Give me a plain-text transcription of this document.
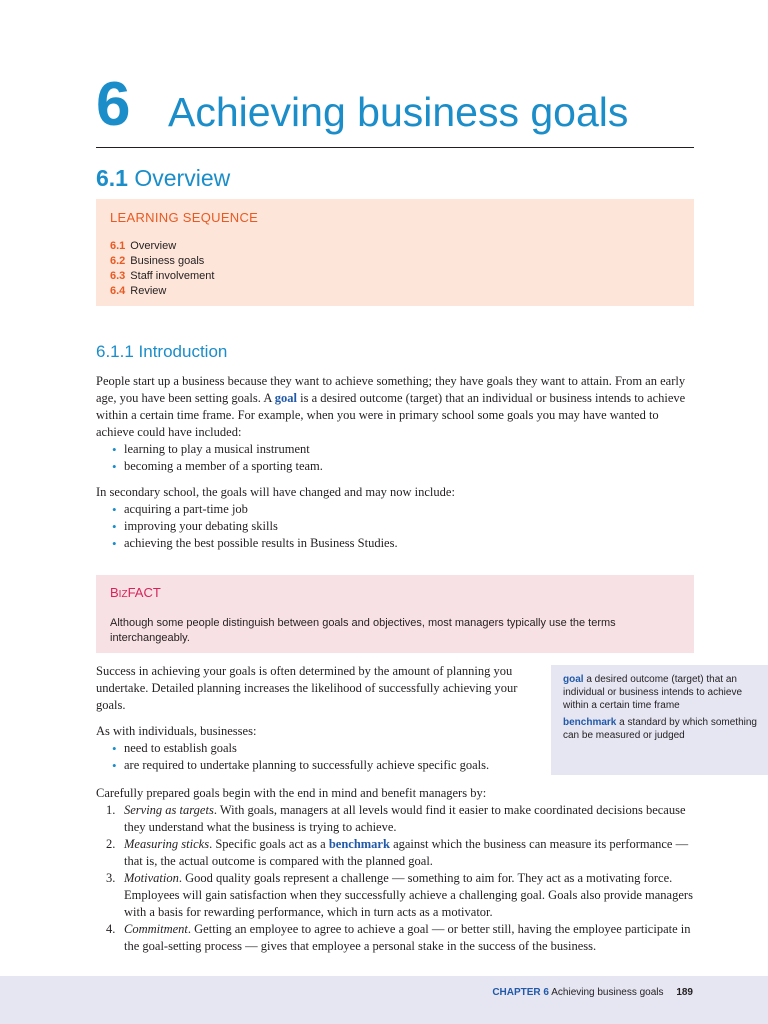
6 Achieving business goals
6.1 Overview
LEARNING SEQUENCE
6.1 Overview
6.2 Business goals
6.3 Staff involvement
6.4 Review
6.1.1 Introduction

People start up a business because they want to achieve something; they have goals they want to attain. From an early age, you have been setting goals. A goal is a desired outcome (target) that an individual or business intends to achieve within a certain time frame. For example, when you were in primary school some goals you may have wanted to achieve could have included:

• learning to play a musical instrument
• becoming a member of a sporting team.

In secondary school, the goals will have changed and may now include:

• acquiring a part-time job
• improving your debating skills
• achieving the best possible results in Business Studies.
BIZFACT
Although some people distinguish between goals and objectives, most managers typically use the terms interchangeably.

Success in achieving your goals is often determined by the amount of planning you undertake. Detailed planning increases the likelihood of successfully achieving your goals.

As with individuals, businesses:

• need to establish goals
• are required to undertake planning to successfully achieve specific goals.
goal a desired outcome (target) that an individual or business intends to achieve within a certain time frame
benchmark a standard by which something can be measured or judged

Carefully prepared goals begin with the end in mind and benefit managers by:

1. Serving as targets. With goals, managers at all levels would find it easier to make coordinated decisions because they understand what the business is trying to achieve.
2. Measuring sticks. Specific goals act as a benchmark against which the business can measure its performance — that is, the actual outcome is compared with the planned goal.
3. Motivation. Good quality goals represent a challenge — something to aim for. They act as a motivating force. Employees will gain satisfaction when they successfully achieve a challenging goal. Goals also provide managers with a basis for rewarding performance, which in turn acts as a motivator.
4. Commitment. Getting an employee to agree to achieve a goal — or better still, having the employee participate in the goal-setting process — gives that employee a personal stake in the success of the business.
CHAPTER 6 Achieving business goals 189
